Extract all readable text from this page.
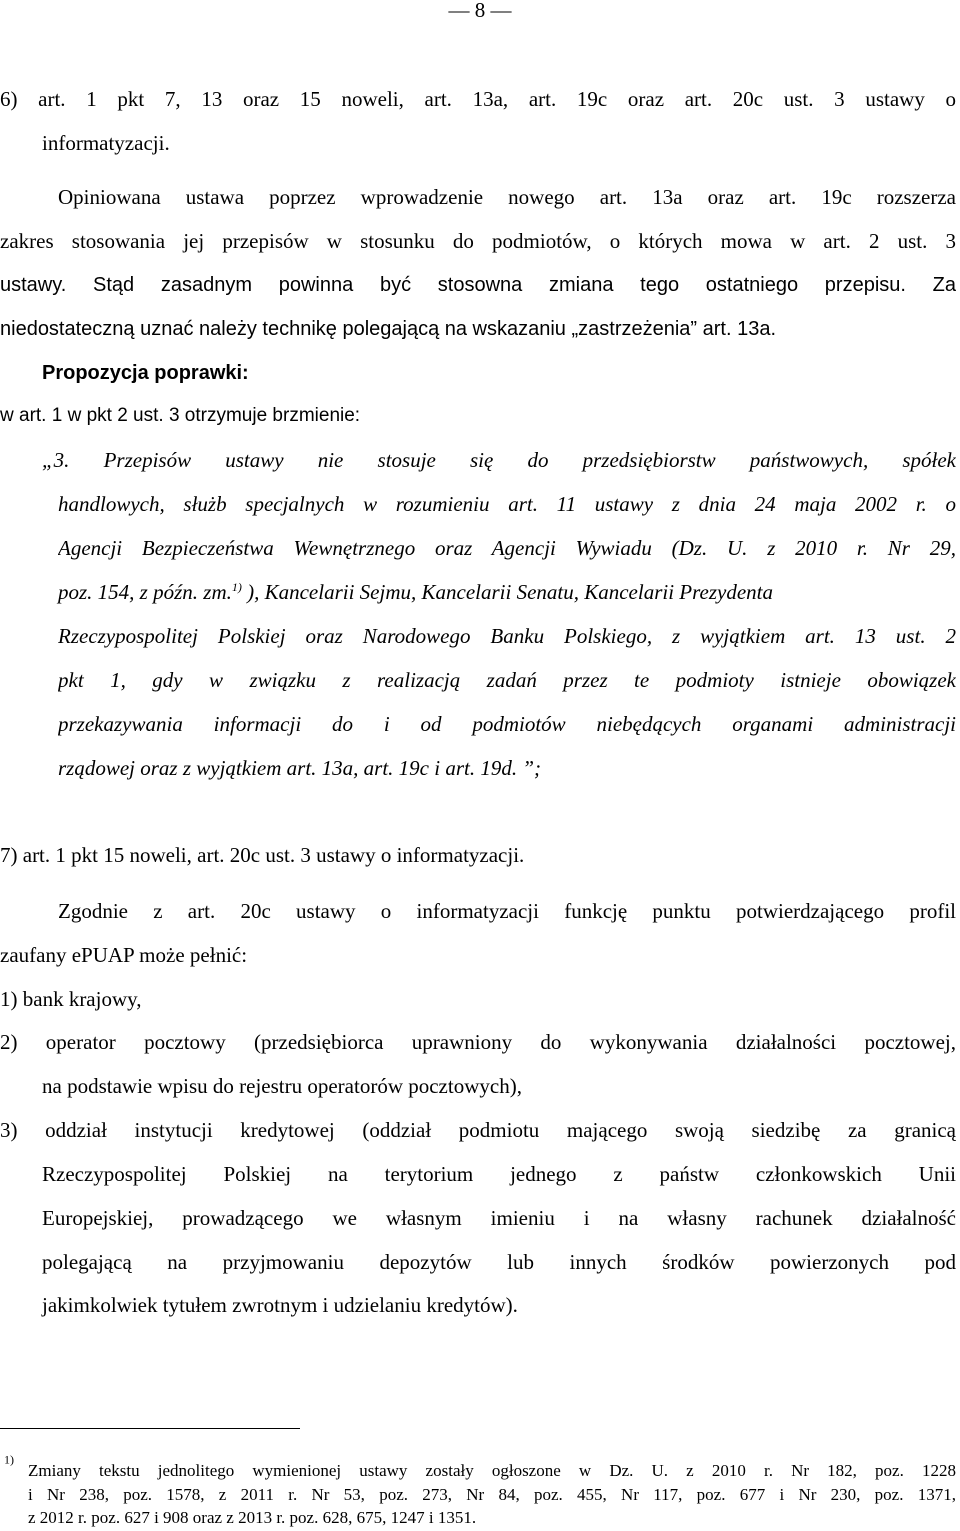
— 8 —
6) art. 1 pkt 7, 13 oraz 15 noweli, art. 13a, art. 19c oraz art. 20c ust. 3 ustawy o
informatyzacji.
Opiniowana ustawa poprzez wprowadzenie nowego art. 13a oraz art. 19c rozszerza
zakres stosowania jej przepisów w stosunku do podmiotów, o których mowa w art. 2 ust. 3
ustawy. Stąd zasadnym powinna być stosowna zmiana tego ostatniego przepisu. Za
niedostateczną uznać należy technikę polegającą na wskazaniu „zastrzeżenia” art. 13a.
Propozycja poprawki:
w art. 1 w pkt 2 ust. 3 otrzymuje brzmienie:
„3. Przepisów ustawy nie stosuje się do przedsiębiorstw państwowych, spółek
handlowych, służb specjalnych w rozumieniu art. 11 ustawy z dnia 24 maja 2002 r. o
Agencji Bezpieczeństwa Wewnętrznego oraz Agencji Wywiadu (Dz. U. z 2010 r. Nr 29,
poz. 154, z późn. zm.$^{1)}$ ), Kancelarii Sejmu, Kancelarii Senatu, Kancelarii Prezydenta
Rzeczypospolitej Polskiej oraz Narodowego Banku Polskiego, z wyjątkiem art. 13 ust. 2
pkt 1, gdy w związku z realizacją zadań przez te podmioty istnieje obowiązek
przekazywania informacji do i od podmiotów niebędących organami administracji
rządowej oraz z wyjątkiem art. 13a, art. 19c i art. 19d. ”;
7) art. 1 pkt 15 noweli, art. 20c ust. 3 ustawy o informatyzacji.
Zgodnie z art. 20c ustawy o informatyzacji funkcję punktu potwierdzającego profil
zaufany ePUAP może pełnić:
1) bank krajowy,
2) operator pocztowy (przedsiębiorca uprawniony do wykonywania działalności pocztowej,
na podstawie wpisu do rejestru operatorów pocztowych),
3) oddział instytucji kredytowej (oddział podmiotu mającego swoją siedzibę za granicą
Rzeczypospolitej Polskiej na terytorium jednego z państw członkowskich Unii
Europejskiej, prowadzącego we własnym imieniu i na własny rachunek działalność
polegającą na przyjmowaniu depozytów lub innych środków powierzonych pod
jakimkolwiek tytułem zwrotnym i udzielaniu kredytów).
$^{1)}$
Zmiany tekstu jednolitego wymienionej ustawy zostały ogłoszone w Dz. U. z 2010 r. Nr 182, poz. 1228
i Nr 238, poz. 1578, z 2011 r. Nr 53, poz. 273, Nr 84, poz. 455, Nr 117, poz. 677 i Nr 230, poz. 1371,
z 2012 r. poz. 627 i 908 oraz z 2013 r. poz. 628, 675, 1247 i 1351.
